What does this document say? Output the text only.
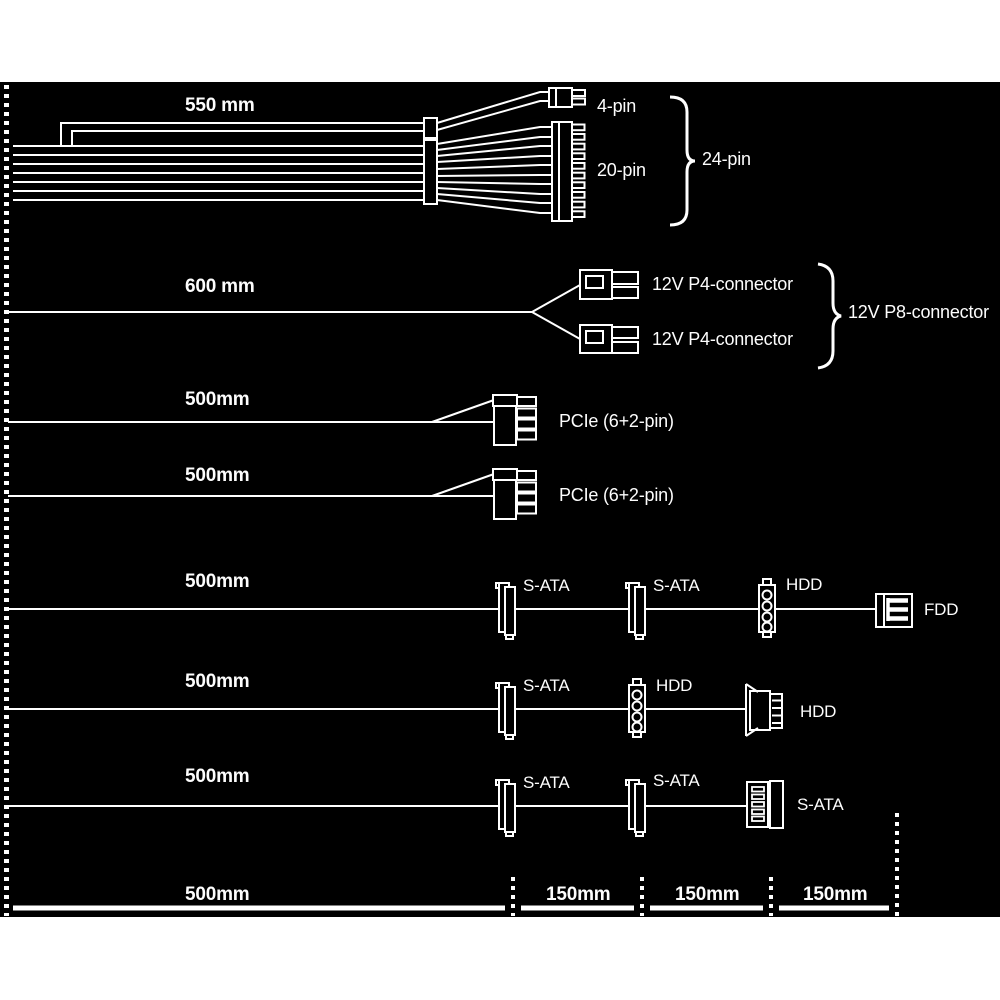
550 mm	4-pin
20-pin
24-pin
600 mm	12V P4-connector
12V P4-connector
12V P8-connector
500mm
PCIe (6+2-pin)
500mm
PCIe (6+2-pin)
500mm	S-ATA	S-ATA	HDD
FDD
500mm	S-ATA	HDD
HDD
500mm	S-ATA	S-ATA
S-ATA
500mm	150mm	150mm	150mm
